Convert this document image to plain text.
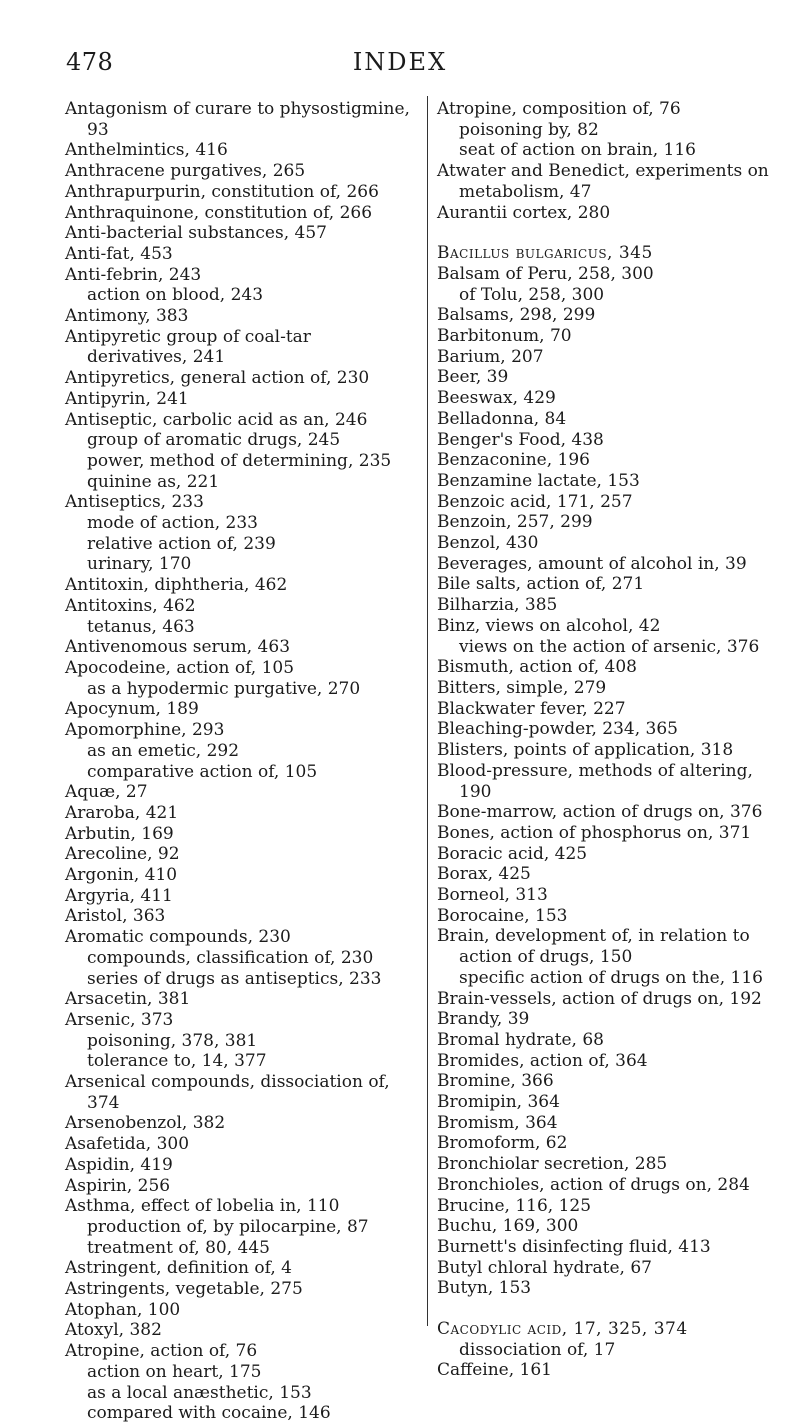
478	INDEX
Antagonism of curare to physostigmine, 93
Anthelmintics, 416
Anthracene purgatives, 265
Anthrapurpurin, constitution of, 266
Anthraquinone, constitution of, 266
Anti-bacterial substances, 457
Anti-fat, 453
Anti-febrin, 243
action on blood, 243
Antimony, 383
Antipyretic group of coal-tar derivatives, 241
Antipyretics, general action of, 230
Antipyrin, 241
Antiseptic, carbolic acid as an, 246
group of aromatic drugs, 245
power, method of determining, 235
quinine as, 221
Antiseptics, 233
mode of action, 233
relative action of, 239
urinary, 170
Antitoxin, diphtheria, 462
Antitoxins, 462
tetanus, 463
Antivenomous serum, 463
Apocodeine, action of, 105
as a hypodermic purgative, 270
Apocynum, 189
Apomorphine, 293
as an emetic, 292
comparative action of, 105
Aquæ, 27
Araroba, 421
Arbutin, 169
Arecoline, 92
Argonin, 410
Argyria, 411
Aristol, 363
Aromatic compounds, 230
compounds, classification of, 230
series of drugs as antiseptics, 233
Arsacetin, 381
Arsenic, 373
poisoning, 378, 381
tolerance to, 14, 377
Arsenical compounds, dissociation of, 374
Arsenobenzol, 382
Asafetida, 300
Aspidin, 419
Aspirin, 256
Asthma, effect of lobelia in, 110
production of, by pilocarpine, 87
treatment of, 80, 445
Astringent, definition of, 4
Astringents, vegetable, 275
Atophan, 100
Atoxyl, 382
Atropine, action of, 76
action on heart, 175
as a local anæsthetic, 153
compared with cocaine, 146
Atropine, composition of, 76
poisoning by, 82
seat of action on brain, 116
Atwater and Benedict, experiments on metabolism, 47
Aurantii cortex, 280
Bacillus bulgaricus, 345
Balsam of Peru, 258, 300
of Tolu, 258, 300
Balsams, 298, 299
Barbitonum, 70
Barium, 207
Beer, 39
Beeswax, 429
Belladonna, 84
Benger's Food, 438
Benzaconine, 196
Benzamine lactate, 153
Benzoic acid, 171, 257
Benzoin, 257, 299
Benzol, 430
Beverages, amount of alcohol in, 39
Bile salts, action of, 271
Bilharzia, 385
Binz, views on alcohol, 42
views on the action of arsenic, 376
Bismuth, action of, 408
Bitters, simple, 279
Blackwater fever, 227
Bleaching-powder, 234, 365
Blisters, points of application, 318
Blood-pressure, methods of altering, 190
Bone-marrow, action of drugs on, 376
Bones, action of phosphorus on, 371
Boracic acid, 425
Borax, 425
Borneol, 313
Borocaine, 153
Brain, development of, in relation to action of drugs, 150
specific action of drugs on the, 116
Brain-vessels, action of drugs on, 192
Brandy, 39
Bromal hydrate, 68
Bromides, action of, 364
Bromine, 366
Bromipin, 364
Bromism, 364
Bromoform, 62
Bronchiolar secretion, 285
Bronchioles, action of drugs on, 284
Brucine, 116, 125
Buchu, 169, 300
Burnett's disinfecting fluid, 413
Butyl chloral hydrate, 67
Butyn, 153
Cacodylic acid, 17, 325, 374
dissociation of, 17
Caffeine, 161
